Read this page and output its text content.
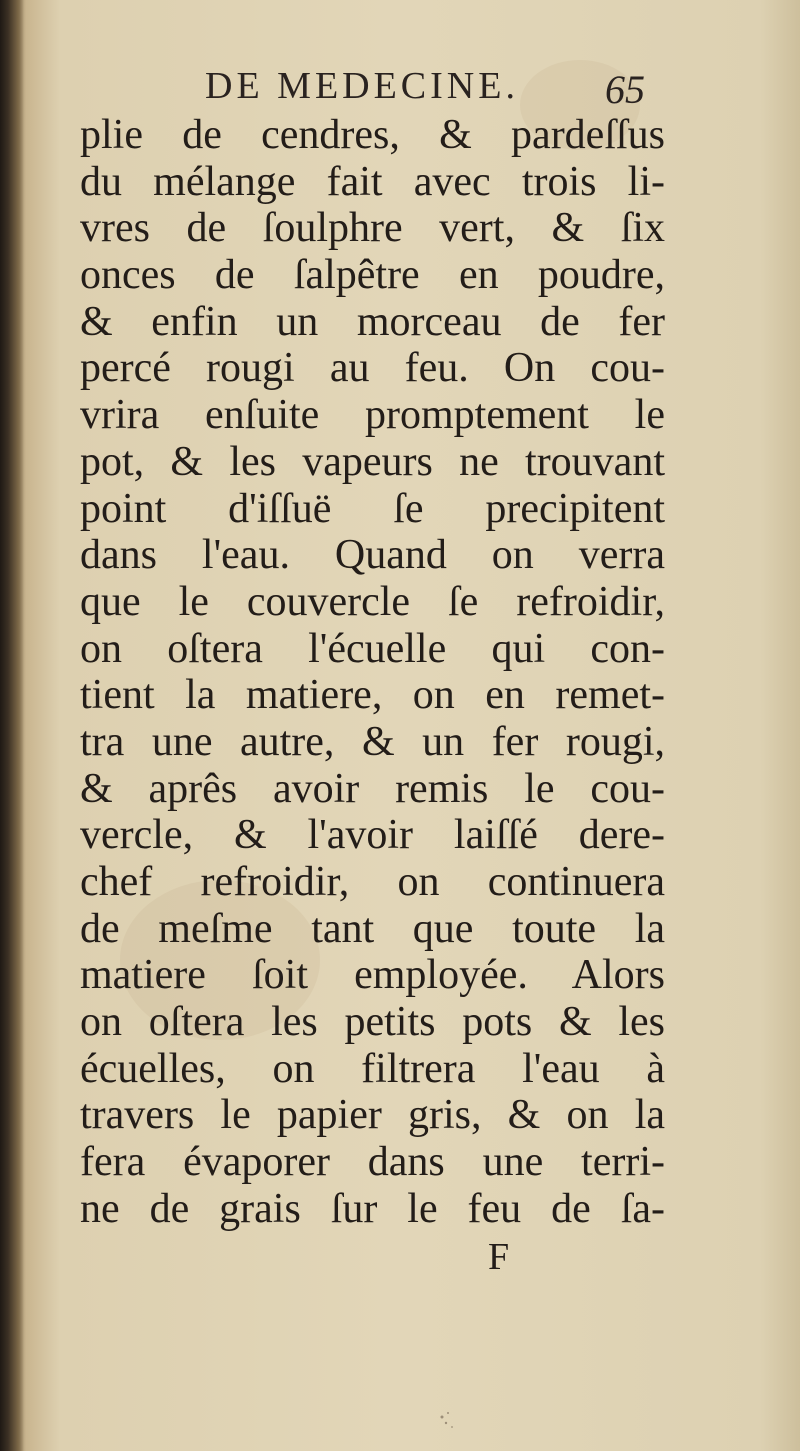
DE MEDECINE. 65
plie de cendres, & pardeſſus
du mélange fait avec trois li-
vres de ſoulphre vert, & ſix
onces de ſalpêtre en poudre,
& enfin un morceau de fer
percé rougi au feu. On cou-
vrira enſuite promptement le
pot, & les vapeurs ne trouvant
point d'iſſuë ſe precipitent
dans l'eau. Quand on verra
que le couvercle ſe refroidir,
on oſtera l'écuelle qui con-
tient la matiere, on en remet-
tra une autre, & un fer rougi,
& aprês avoir remis le cou-
vercle, & l'avoir laiſſé dere-
chef refroidir, on continuera
de meſme tant que toute la
matiere ſoit employée. Alors
on oſtera les petits pots & les
écuelles, on filtrera l'eau à
travers le papier gris, & on la
fera évaporer dans une terri-
ne de grais ſur le feu de ſa-
F
